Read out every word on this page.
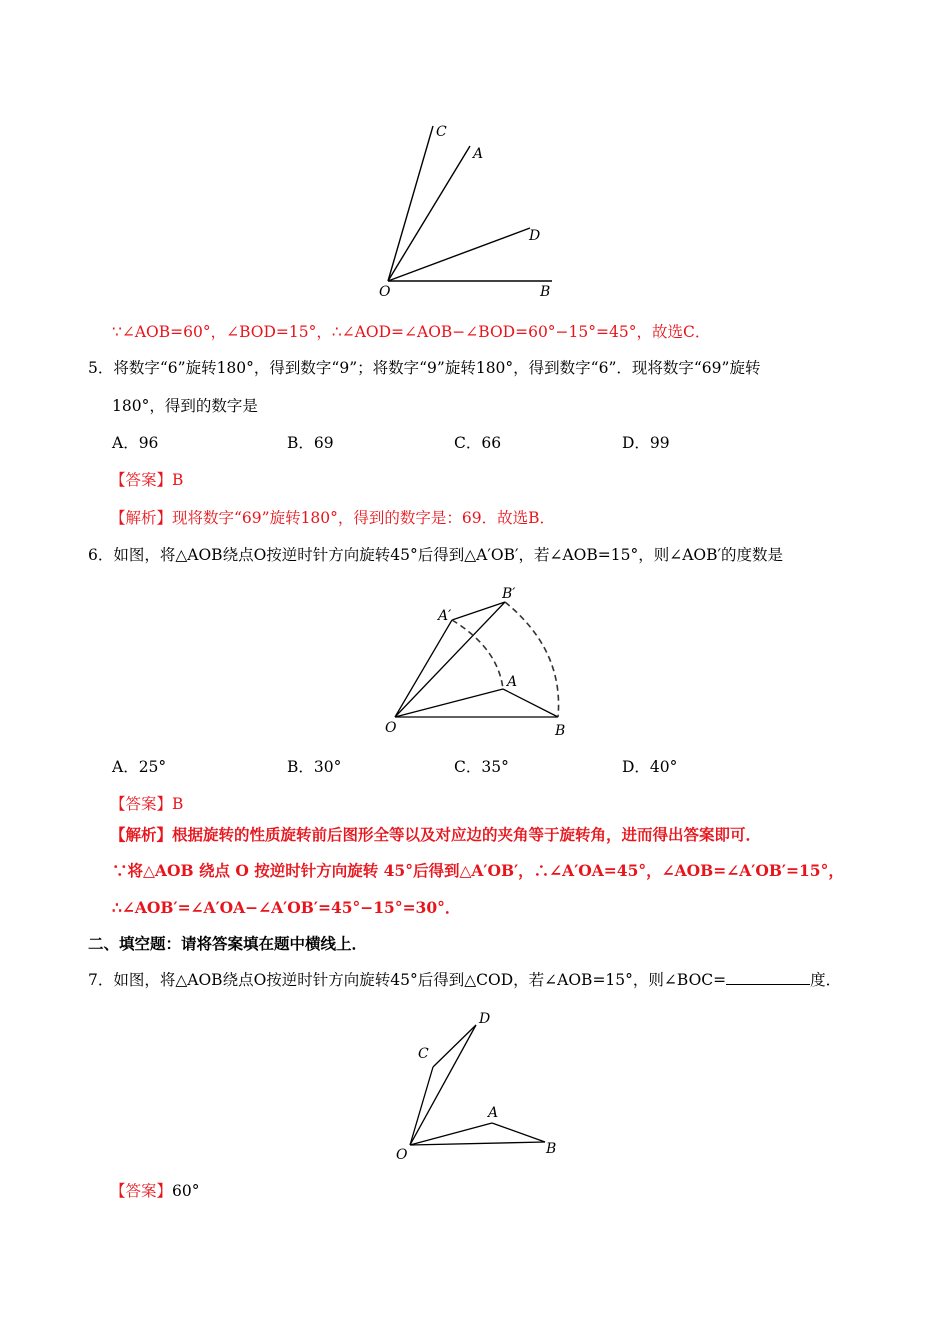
C
A
D
O	B
∵∠AOB=60°，∠BOD=15°，∴∠AOD=∠AOB−∠BOD=60°−15°=45°，故选C．
5．将数字“6”旋转180°，得到数字“9”；将数字“9”旋转180°，得到数字“6”．现将数字“69”旋转
180°，得到的数字是
A．96	B．69	C．66	D．99
【答案】B
【解析】现将数字“69”旋转180°，得到的数字是：69．故选B．
6．如图，将△AOB绕点O按逆时针方向旋转45°后得到△A′OB′，若∠AOB=15°，则∠AOB′的度数是
B′
A′
A
O	B
A．25°	B．30°	C．35°	D．40°
【答案】B
【解析】根据旋转的性质旋转前后图形全等以及对应边的夹角等于旋转角，进而得出答案即可．
∵将△AOB 绕点 O 按逆时针方向旋转 45°后得到△A′OB′，∴∠A′OA=45°，∠AOB=∠A′OB′=15°，
∴∠AOB′=∠A′OA−∠A′OB′=45°−15°=30°．
二、填空题：请将答案填在题中横线上．
7．如图，将△AOB绕点O按逆时针方向旋转45°后得到△COD，若∠AOB=15°，则∠BOC=	度．
D
C
A
O	B
【答案】60°
